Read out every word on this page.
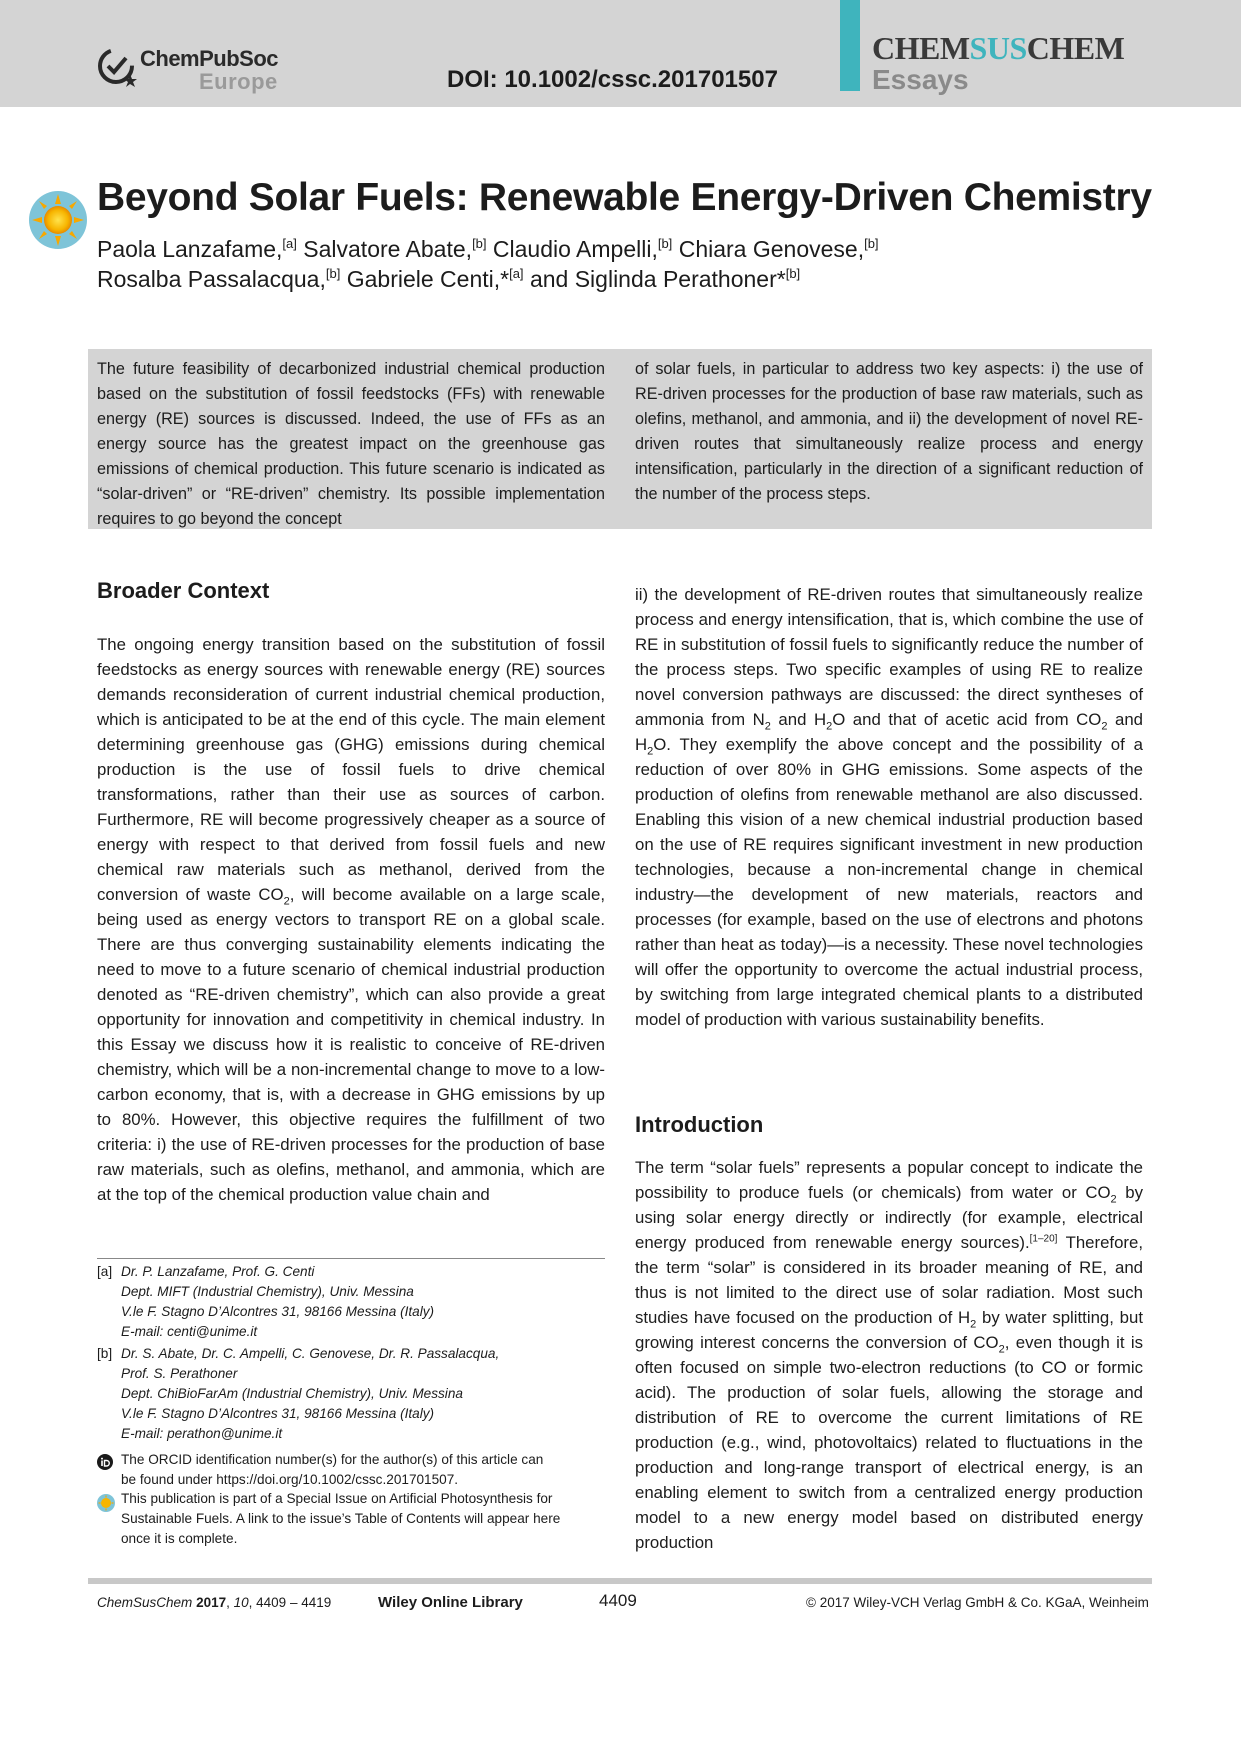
ChemPubSoc
Europe	DOI: 10.1002/cssc.201701507
CHEMSUSCHEM
Essays
Beyond Solar Fuels: Renewable Energy-Driven Chemistry
Paola Lanzafame,[a] Salvatore Abate,[b] Claudio Ampelli,[b] Chiara Genovese,[b]
Rosalba Passalacqua,[b] Gabriele Centi,*[a] and Siglinda Perathoner*[b]
The future feasibility of decarbonized industrial chemical production based on the substitution of fossil feedstocks (FFs) with renewable energy (RE) sources is discussed. Indeed, the use of FFs as an energy source has the greatest impact on the greenhouse gas emissions of chemical production. This future scenario is indicated as “solar-driven” or “RE-driven” chemistry. Its possible implementation requires to go beyond the concept
of solar fuels, in particular to address two key aspects: i) the use of RE-driven processes for the production of base raw materials, such as olefins, methanol, and ammonia, and ii) the development of novel RE-driven routes that simultaneously realize process and energy intensification, particularly in the direction of a significant reduction of the number of the process steps.
Broader Context
The ongoing energy transition based on the substitution of fossil feedstocks as energy sources with renewable energy (RE) sources demands reconsideration of current industrial chemical production, which is anticipated to be at the end of this cycle. The main element determining greenhouse gas (GHG) emissions during chemical production is the use of fossil fuels to drive chemical transformations, rather than their use as sources of carbon. Furthermore, RE will become progressively cheaper as a source of energy with respect to that derived from fossil fuels and new chemical raw materials such as methanol, derived from the conversion of waste $CO_2$, will become available on a large scale, being used as energy vectors to transport RE on a global scale. There are thus converging sustainability elements indicating the need to move to a future scenario of chemical industrial production denoted as “RE-driven chemistry”, which can also provide a great opportunity for innovation and competitivity in chemical industry. In this Essay we discuss how it is realistic to conceive of RE-driven chemistry, which will be a non-incremental change to move to a low-carbon economy, that is, with a decrease in GHG emissions by up to 80%. However, this objective requires the fulfillment of two criteria: i) the use of RE-driven processes for the production of base raw materials, such as olefins, methanol, and ammonia, which are at the top of the chemical production value chain and
ii) the development of RE-driven routes that simultaneously realize process and energy intensification, that is, which combine the use of RE in substitution of fossil fuels to significantly reduce the number of the process steps. Two specific examples of using RE to realize novel conversion pathways are discussed: the direct syntheses of ammonia from $N_2$ and $H_2O$ and that of acetic acid from $CO_2$ and $H_2O$. They exemplify the above concept and the possibility of a reduction of over 80% in GHG emissions. Some aspects of the production of olefins from renewable methanol are also discussed. Enabling this vision of a new chemical industrial production based on the use of RE requires significant investment in new production technologies, because a non-incremental change in chemical industry—the development of new materials, reactors and processes (for example, based on the use of electrons and photons rather than heat as today)—is a necessity. These novel technologies will offer the opportunity to overcome the actual industrial process, by switching from large integrated chemical plants to a distributed model of production with various sustainability benefits.
Introduction
The term “solar fuels” represents a popular concept to indicate the possibility to produce fuels (or chemicals) from water or $CO_2$ by using solar energy directly or indirectly (for example, electrical energy produced from renewable energy sources).[1–20] Therefore, the term “solar” is considered in its broader meaning of RE, and thus is not limited to the direct use of solar radiation. Most such studies have focused on the production of $H_2$ by water splitting, but growing interest concerns the conversion of $CO_2$, even though it is often focused on simple two-electron reductions (to CO or formic acid). The production of solar fuels, allowing the storage and distribution of RE to overcome the current limitations of RE production (e.g., wind, photovoltaics) related to fluctuations in the production and long-range transport of electrical energy, is an enabling element to switch from a centralized energy production model to a new energy model based on distributed energy production
[a] Dr. P. Lanzafame, Prof. G. Centi
Dept. MIFT (Industrial Chemistry), Univ. Messina
V.le F. Stagno D’Alcontres 31, 98166 Messina (Italy)
E-mail: centi@unime.it
[b] Dr. S. Abate, Dr. C. Ampelli, C. Genovese, Dr. R. Passalacqua,
Prof. S. Perathoner
Dept. ChiBioFarAm (Industrial Chemistry), Univ. Messina
V.le F. Stagno D’Alcontres 31, 98166 Messina (Italy)
E-mail: perathon@unime.it
The ORCID identification number(s) for the author(s) of this article can
be found under https://doi.org/10.1002/cssc.201701507.
This publication is part of a Special Issue on Artificial Photosynthesis for
Sustainable Fuels. A link to the issue’s Table of Contents will appear here
once it is complete.
ChemSusChem 2017, 10, 4409 – 4419	Wiley Online Library	4409	© 2017 Wiley-VCH Verlag GmbH & Co. KGaA, Weinheim
